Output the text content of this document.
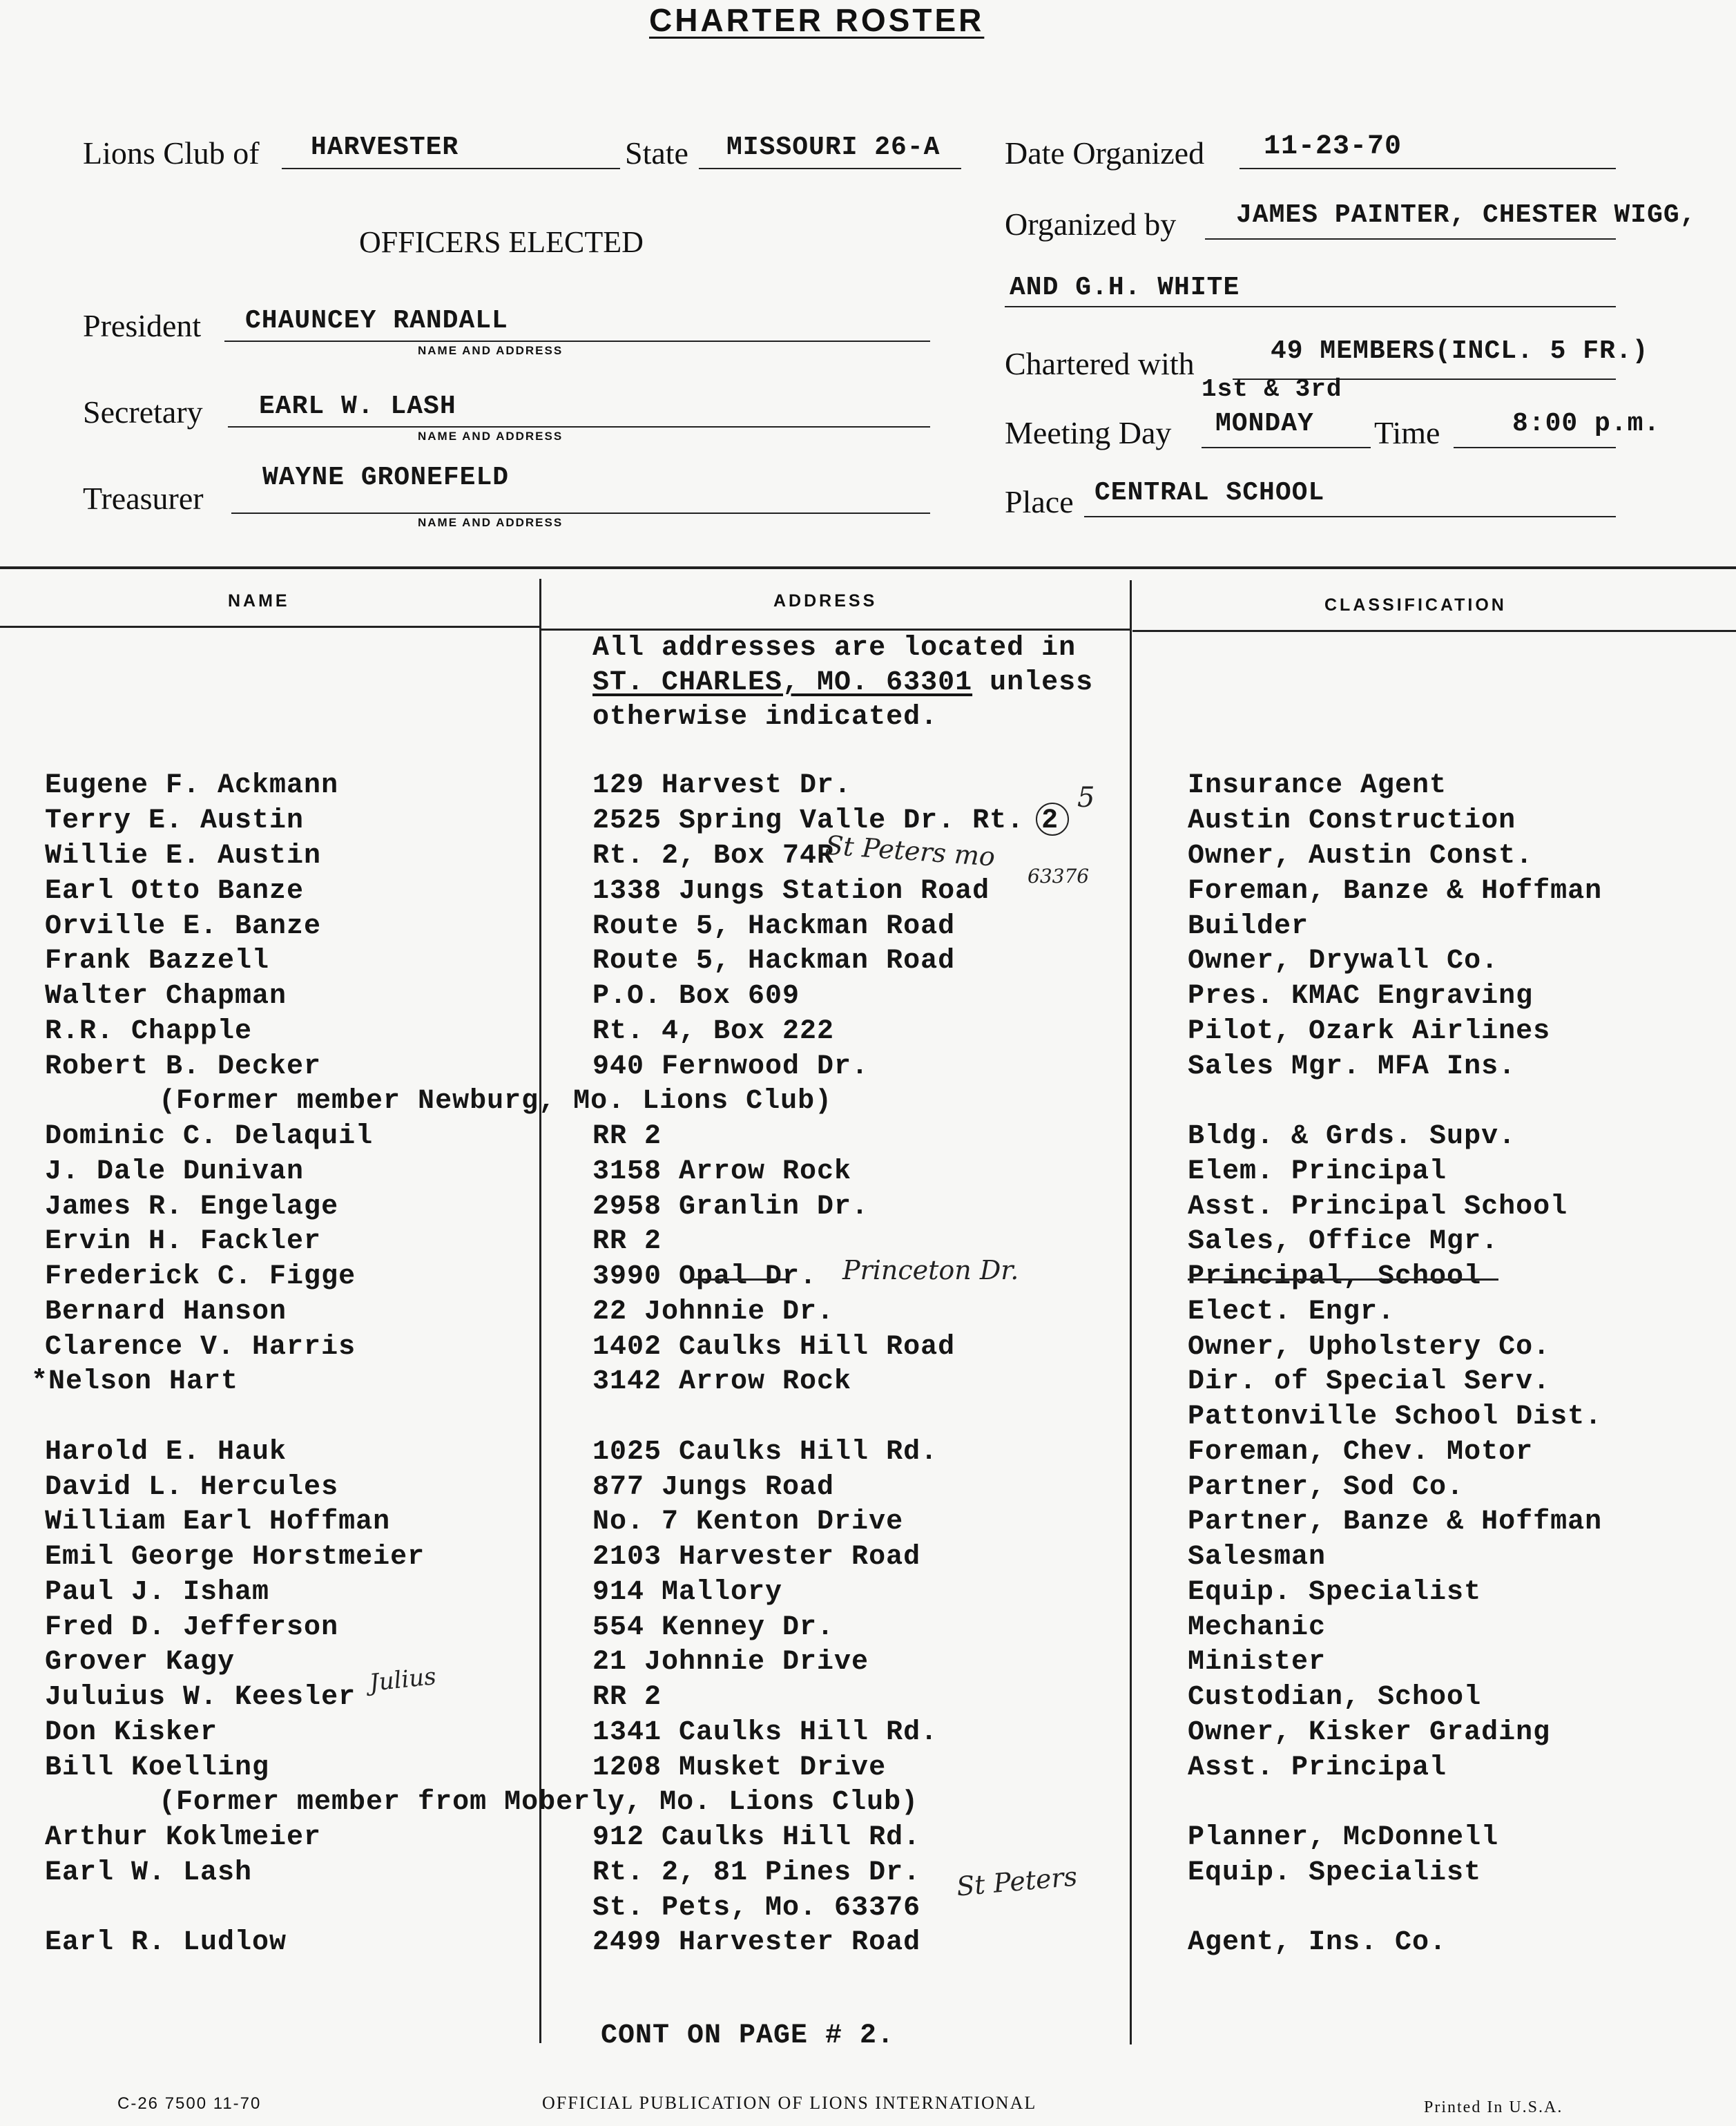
CHARTER ROSTER
Lions Club of HARVESTER	State MISSOURI 26-A
OFFICERS ELECTED
President CHAUNCEY RANDALL
NAME AND ADDRESS
Secretary EARL W. LASH
NAME AND ADDRESS
Treasurer
WAYNE GRONEFELD
NAME AND ADDRESS
Date Organized 11-23-70
Organized by JAMES PAINTER, CHESTER WIGG,
AND G.H. WHITE
Chartered with	49 MEMBERS(INCL. 5 FR.)
1st & 3rd
Meeting Day MONDAY Time	8:00 p.m.
Place CENTRAL SCHOOL
NAME	ADDRESS	CLASSIFICATION
All addresses are located in
ST. CHARLES, MO. 63301 unless
otherwise indicated.
Eugene F. Ackmann	129 Harvest Dr.	Insurance Agent
Terry E. Austin	2525 Spring Valle Dr. Rt. 2	Austin Construction
Willie E. Austin	Rt. 2, Box 74R	Owner, Austin Const.
Earl Otto Banze	1338 Jungs Station Road	Foreman, Banze & Hoffman
Orville E. Banze	Route 5, Hackman Road	Builder
Frank Bazzell	Route 5, Hackman Road	Owner, Drywall Co.
Walter Chapman	P.O. Box 609	Pres. KMAC Engraving
R.R. Chapple	Rt. 4, Box 222	Pilot, Ozark Airlines
Robert B. Decker	940 Fernwood Dr.	Sales Mgr. MFA Ins.
(Former member Newburg, Mo. Lions Club)
Dominic C. Delaquil	RR 2	Bldg. & Grds. Supv.
J. Dale Dunivan	3158 Arrow Rock	Elem. Principal
James R. Engelage	2958 Granlin Dr.	Asst. Principal School
Ervin H. Fackler	RR 2	Sales, Office Mgr.
Frederick C. Figge	3990 Opal Dr.	Principal, School
Bernard Hanson	22 Johnnie Dr.	Elect. Engr.
Clarence V. Harris	1402 Caulks Hill Road	Owner, Upholstery Co.
*Nelson Hart	3142 Arrow Rock	Dir. of Special Serv.
Pattonville School Dist.
Harold E. Hauk	1025 Caulks Hill Rd.	Foreman, Chev. Motor
David L. Hercules	877 Jungs Road	Partner, Sod Co.
William Earl Hoffman	No. 7 Kenton Drive	Partner, Banze & Hoffman
Emil George Horstmeier	2103 Harvester Road	Salesman
Paul J. Isham	914 Mallory	Equip. Specialist
Fred D. Jefferson	554 Kenney Dr.	Mechanic
Grover Kagy	21 Johnnie Drive	Minister
Juluius W. Keesler	RR 2	Custodian, School
Don Kisker	1341 Caulks Hill Rd.	Owner, Kisker Grading
Bill Koelling	1208 Musket Drive	Asst. Principal
(Former member from Moberly, Mo. Lions Club)
Arthur Koklmeier	912 Caulks Hill Rd.	Planner, McDonnell
Earl W. Lash	Rt. 2, 81 Pines Dr.	Equip. Specialist
St. Pets, Mo. 63376
Earl R. Ludlow	2499 Harvester Road	Agent, Ins. Co.
5
St Peters mo
63376
Princeton Dr.
Julius
St Peters
CONT ON PAGE # 2.
C-26 7500 11-70	OFFICIAL PUBLICATION OF LIONS INTERNATIONAL	Printed In U.S.A.
